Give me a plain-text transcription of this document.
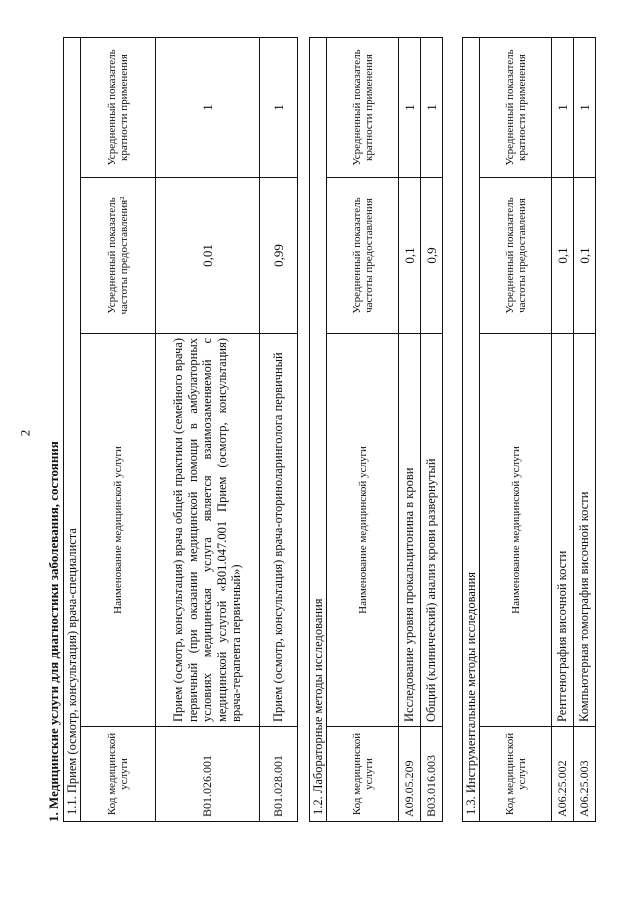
2
1. Медицинские услуги для диагностики заболевания, состояния 1.1. Прием (осмотр, консультация) врача-специалиста			
Код медицинской услуги	Наименование медицинской услуги	Усредненный показатель частоты предоставления²	Усредненный показатель кратности применения
B01.026.001	Прием (осмотр, консультация) врача общей практики (семейного врача) первичный (при оказании медицинской помощи в амбулаторных условиях медицинская услуга является взаимозаменяемой с медицинской услугой «B01.047.001 Прием (осмотр, консультация) врача-терапевта первичный»)	0,01	1
B01.028.001	Прием (осмотр, консультация) врача-оториноларинголога первичный	0,99	1
1.2. Лабораторные методы исследования			
Код медицинской услуги	Наименование медицинской услуги	Усредненный показатель частоты предоставления	Усредненный показатель кратности применения
A09.05.209	Исследование уровня прокальцитонина в крови	0,1	1
B03.016.003	Общий (клинический) анализ крови развернутый	0,9	1
1.3. Инструментальные методы исследования			
Код медицинской услуги	Наименование медицинской услуги	Усредненный показатель частоты предоставления	Усредненный показатель кратности применения
A06.25.002	Рентгенография височной кости	0,1	1
A06.25.003	Компьютерная томография височной кости	0,1	1
